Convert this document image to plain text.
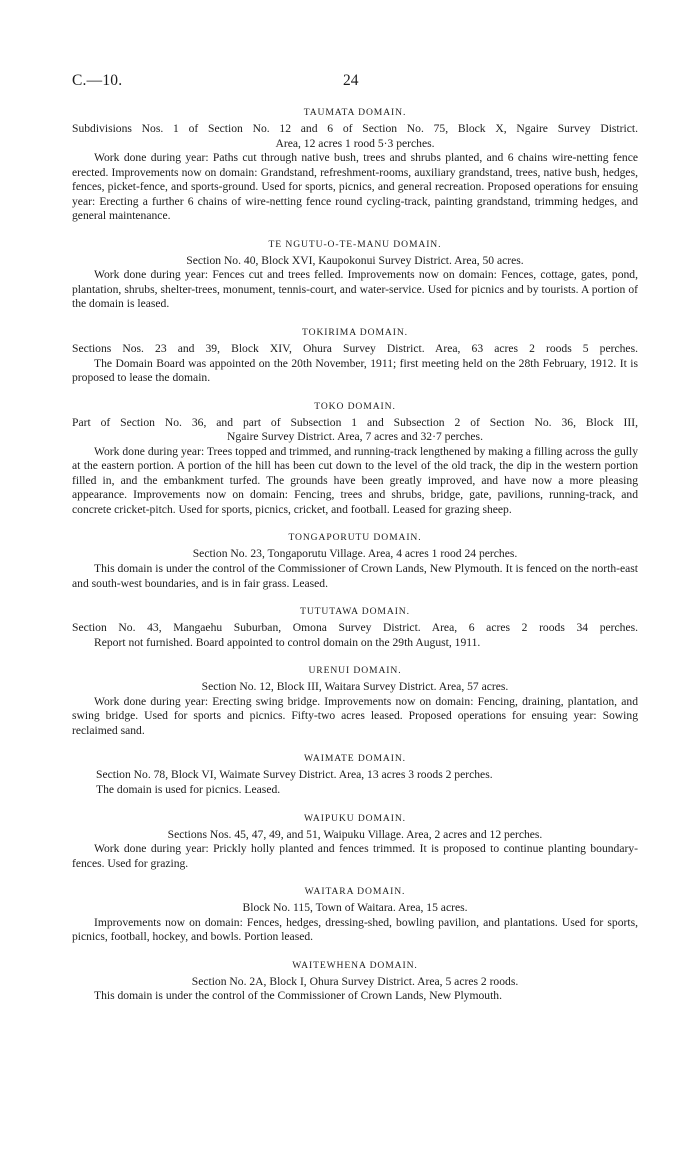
C.—10.	24
TAUMATA DOMAIN.
Subdivisions Nos. 1 of Section No. 12 and 6 of Section No. 75, Block X, Ngaire Survey District.
Area, 12 acres 1 rood 5·3 perches.
Work done during year: Paths cut through native bush, trees and shrubs planted, and 6 chains wire-netting fence erected. Improvements now on domain: Grandstand, refreshment-rooms, auxiliary grandstand, trees, native bush, hedges, fences, picket-fence, and sports-ground. Used for sports, picnics, and general recreation. Proposed operations for ensuing year: Erecting a further 6 chains of wire-netting fence round cycling-track, painting grandstand, trimming hedges, and general maintenance.
TE NGUTU-O-TE-MANU DOMAIN.
Section No. 40, Block XVI, Kaupokonui Survey District. Area, 50 acres.
Work done during year: Fences cut and trees felled. Improvements now on domain: Fences, cottage, gates, pond, plantation, shrubs, shelter-trees, monument, tennis-court, and water-service. Used for picnics and by tourists. A portion of the domain is leased.
TOKIRIMA DOMAIN.
Sections Nos. 23 and 39, Block XIV, Ohura Survey District. Area, 63 acres 2 roods 5 perches.
The Domain Board was appointed on the 20th November, 1911; first meeting held on the 28th February, 1912. It is proposed to lease the domain.
TOKO DOMAIN.
Part of Section No. 36, and part of Subsection 1 and Subsection 2 of Section No. 36, Block III,
Ngaire Survey District. Area, 7 acres and 32·7 perches.
Work done during year: Trees topped and trimmed, and running-track lengthened by making a filling across the gully at the eastern portion. A portion of the hill has been cut down to the level of the old track, the dip in the western portion filled in, and the embankment turfed. The grounds have been greatly improved, and have now a more pleasing appearance. Improvements now on domain: Fencing, trees and shrubs, bridge, gate, pavilions, running-track, and concrete cricket-pitch. Used for sports, picnics, cricket, and football. Leased for grazing sheep.
TONGAPORUTU DOMAIN.
Section No. 23, Tongaporutu Village. Area, 4 acres 1 rood 24 perches.
This domain is under the control of the Commissioner of Crown Lands, New Plymouth. It is fenced on the north-east and south-west boundaries, and is in fair grass. Leased.
TUTUTAWA DOMAIN.
Section No. 43, Mangaehu Suburban, Omona Survey District. Area, 6 acres 2 roods 34 perches.
Report not furnished. Board appointed to control domain on the 29th August, 1911.
URENUI DOMAIN.
Section No. 12, Block III, Waitara Survey District. Area, 57 acres.
Work done during year: Erecting swing bridge. Improvements now on domain: Fencing, draining, plantation, and swing bridge. Used for sports and picnics. Fifty-two acres leased. Proposed operations for ensuing year: Sowing reclaimed sand.
WAIMATE DOMAIN.
Section No. 78, Block VI, Waimate Survey District. Area, 13 acres 3 roods 2 perches.
The domain is used for picnics. Leased.
WAIPUKU DOMAIN.
Sections Nos. 45, 47, 49, and 51, Waipuku Village. Area, 2 acres and 12 perches.
Work done during year: Prickly holly planted and fences trimmed. It is proposed to continue planting boundary-fences. Used for grazing.
WAITARA DOMAIN.
Block No. 115, Town of Waitara. Area, 15 acres.
Improvements now on domain: Fences, hedges, dressing-shed, bowling pavilion, and plantations. Used for sports, picnics, football, hockey, and bowls. Portion leased.
WAITEWHENA DOMAIN.
Section No. 2A, Block I, Ohura Survey District. Area, 5 acres 2 roods.
This domain is under the control of the Commissioner of Crown Lands, New Plymouth.
